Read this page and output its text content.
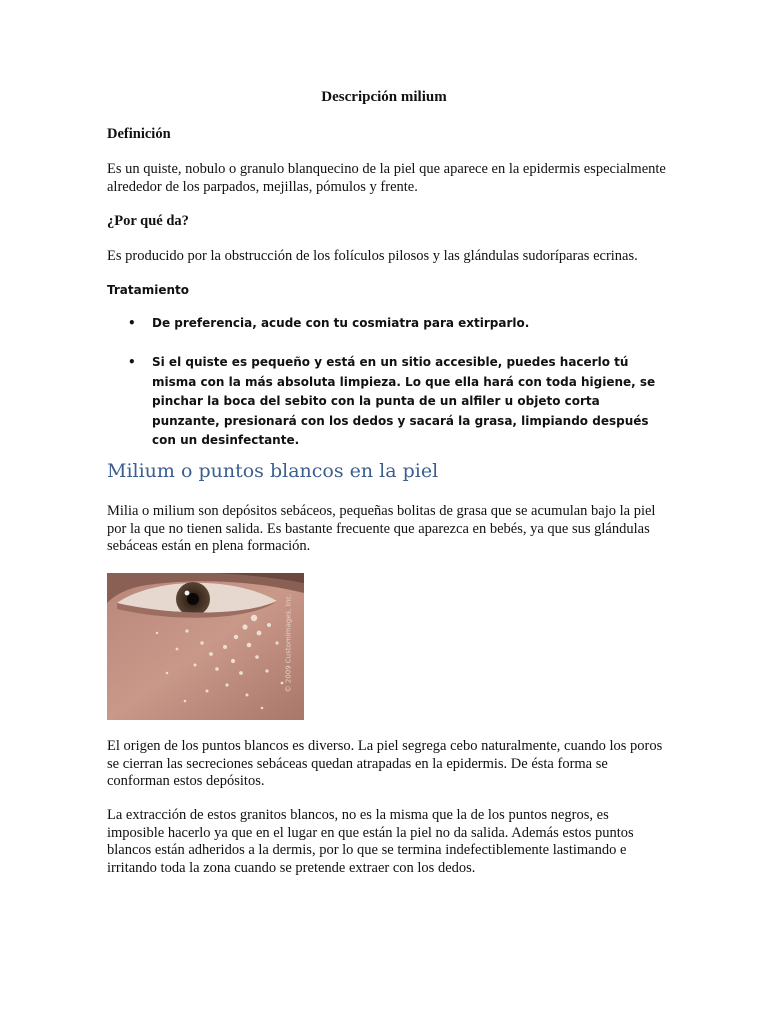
Descripción milium
Definición
Es un quiste, nobulo o granulo blanquecino de la piel que aparece en la epidermis especialmente alrededor de los parpados, mejillas, pómulos y frente.
¿Por qué da?
Es producido por la obstrucción de los folículos pilosos y las glándulas sudoríparas ecrinas.
Tratamiento
• De preferencia, acude con tu cosmiatra para extirparlo.
• Si el quiste es pequeño y está en un sitio accesible, puedes hacerlo tú misma con la más absoluta limpieza. Lo que ella hará con toda higiene, se pinchar la boca del sebito con la punta de un alfiler u objeto corta punzante, presionará con los dedos y sacará la grasa, limpiando después con un desinfectante.
Milium o puntos blancos en la piel
Milia o milium son depósitos sebáceos, pequeñas bolitas de grasa que se acumulan bajo la piel por la que no tienen salida. Es bastante frecuente que aparezca en bebés, ya que sus glándulas sebáceas están en plena formación.
© 2009 CustomImages, Inc.
El origen de los puntos blancos es diverso. La piel segrega cebo naturalmente, cuando los poros se cierran las secreciones sebáceas quedan atrapadas en la epidermis. De ésta forma se conforman estos depósitos.
La extracción de estos granitos blancos, no es la misma que la de los puntos negros, es imposible hacerlo ya que en el lugar en que están la piel no da salida. Además estos puntos blancos están adheridos a la dermis, por lo que se termina indefectiblemente lastimando e irritando toda la zona cuando se pretende extraer con los dedos.
